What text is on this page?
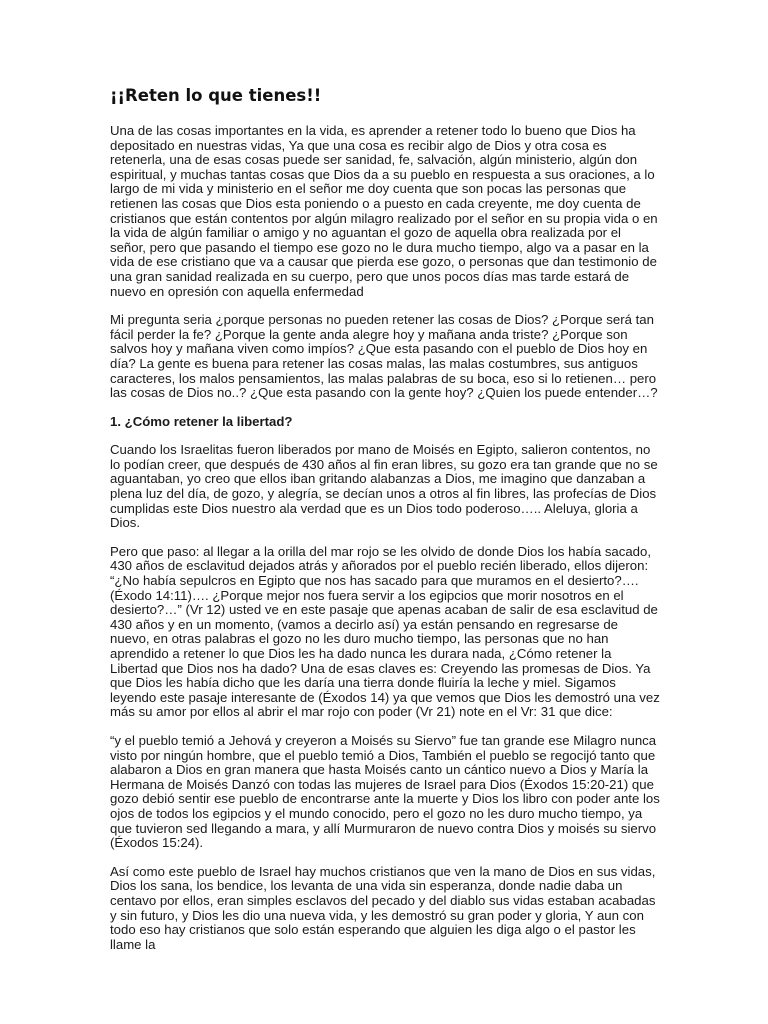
¡¡Reten lo que tienes!!

Una de las cosas importantes en la vida, es aprender a retener todo lo bueno que Dios ha depositado en nuestras vidas, Ya que una cosa es recibir algo de Dios y otra cosa es retenerla, una de esas cosas puede ser sanidad, fe, salvación, algún ministerio, algún don espiritual, y muchas tantas cosas que Dios da a su pueblo en respuesta a sus oraciones, a lo largo de mi vida y ministerio en el señor me doy cuenta que son pocas las personas que retienen las cosas que Dios esta poniendo o a puesto en cada creyente, me doy cuenta de cristianos que están contentos por algún milagro realizado por el señor en su propia vida o en la vida de algún familiar o amigo y no aguantan el gozo de aquella obra realizada por el señor, pero que pasando el tiempo ese gozo no le dura mucho tiempo, algo va a pasar en la vida de ese cristiano que va a causar que pierda ese gozo, o personas que dan testimonio de una gran sanidad realizada en su cuerpo, pero que unos pocos días mas tarde estará de nuevo en opresión con aquella enfermedad

Mi pregunta seria ¿porque personas no pueden retener las cosas de Dios? ¿Porque será tan fácil perder la fe? ¿Porque la gente anda alegre hoy y mañana anda triste? ¿Porque son salvos hoy y mañana viven como impíos? ¿Que esta pasando con el pueblo de Dios hoy en día? La gente es buena para retener las cosas malas, las malas costumbres, sus antiguos caracteres, los malos pensamientos, las malas palabras de su boca, eso si lo retienen… pero las cosas de Dios no..? ¿Que esta pasando con la gente hoy? ¿Quien los puede entender…?

1. ¿Cómo retener la libertad?

Cuando los Israelitas fueron liberados por mano de Moisés en Egipto, salieron contentos, no lo podían creer, que después de 430 años al fin eran libres, su gozo era tan grande que no se aguantaban, yo creo que ellos iban gritando alabanzas a Dios, me imagino que danzaban a plena luz del día, de gozo, y alegría, se decían unos a otros al fin libres, las profecías de Dios cumplidas este Dios nuestro ala verdad que es un Dios todo poderoso….. Aleluya, gloria a Dios.

Pero que paso: al llegar a la orilla del mar rojo se les olvido de donde Dios los había sacado, 430 años de esclavitud dejados atrás y añorados por el pueblo recién liberado, ellos dijeron: “¿No había sepulcros en Egipto que nos has sacado para que muramos en el desierto?…. (Éxodo 14:11)…. ¿Porque mejor nos fuera servir a los egipcios que morir nosotros en el desierto?…” (Vr 12) usted ve en este pasaje que apenas acaban de salir de esa esclavitud de 430 años y en un momento, (vamos a decirlo así) ya están pensando en regresarse de nuevo, en otras palabras el gozo no les duro mucho tiempo, las personas que no han aprendido a retener lo que Dios les ha dado nunca les durara nada, ¿Cómo retener la Libertad que Dios nos ha dado? Una de esas claves es: Creyendo las promesas de Dios. Ya que Dios les había dicho que les daría una tierra donde fluiría la leche y miel. Sigamos leyendo este pasaje interesante de (Éxodos 14) ya que vemos que Dios les demostró una vez más su amor por ellos al abrir el mar rojo con poder (Vr 21) note en el Vr: 31 que dice:

“y el pueblo temió a Jehová y creyeron a Moisés su Siervo” fue tan grande ese Milagro nunca visto por ningún hombre, que el pueblo temió a Dios, También el pueblo se regocijó tanto que alabaron a Dios en gran manera que hasta Moisés canto un cántico nuevo a Dios y María la Hermana de Moisés Danzó con todas las mujeres de Israel para Dios (Éxodos 15:20-21) que gozo debió sentir ese pueblo de encontrarse ante la muerte y Dios los libro con poder ante los ojos de todos los egipcios y el mundo conocido, pero el gozo no les duro mucho tiempo, ya que tuvieron sed llegando a mara, y allí Murmuraron de nuevo contra Dios y moisés su siervo (Éxodos 15:24).

Así como este pueblo de Israel hay muchos cristianos que ven la mano de Dios en sus vidas, Dios los sana, los bendice, los levanta de una vida sin esperanza, donde nadie daba un centavo por ellos, eran simples esclavos del pecado y del diablo sus vidas estaban acabadas y sin futuro, y Dios les dio una nueva vida, y les demostró su gran poder y gloria, Y aun con todo eso hay cristianos que solo están esperando que alguien les diga algo o el pastor les llame la
